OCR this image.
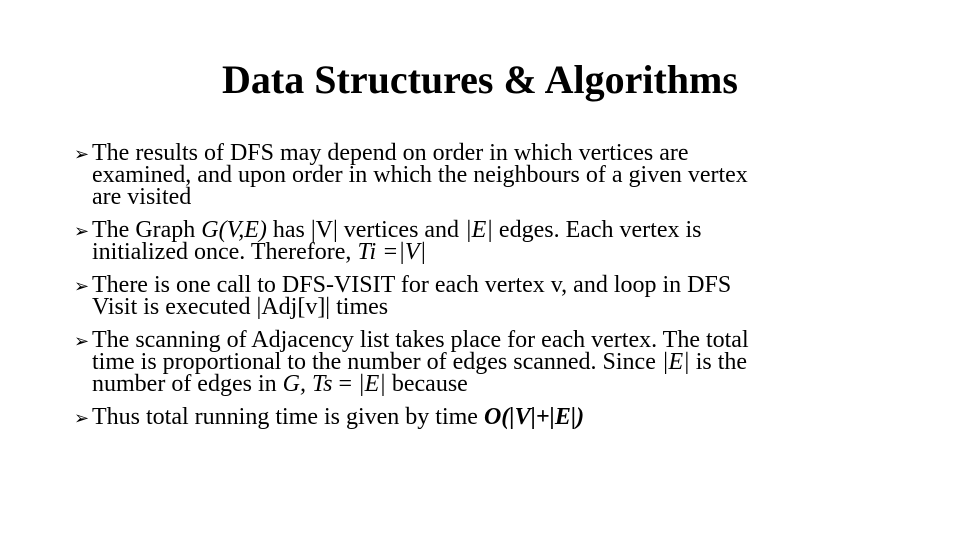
Data Structures & Algorithms
➢ The results of DFS may depend on order in which vertices are
examined, and upon order in which the neighbours of a given vertex
are visited
➢ The Graph G(V,E) has |V| vertices and |E| edges. Each vertex is
initialized once. Therefore, Ti =|V|
➢ There is one call to DFS-VISIT for each vertex v, and loop in DFS
Visit is executed |Adj[v]| times
➢ The scanning of Adjacency list takes place for each vertex. The total
time is proportional to the number of edges scanned. Since |E| is the
number of edges in G, Ts = |E| because
➢ Thus total running time is given by time O(|V|+|E|)
